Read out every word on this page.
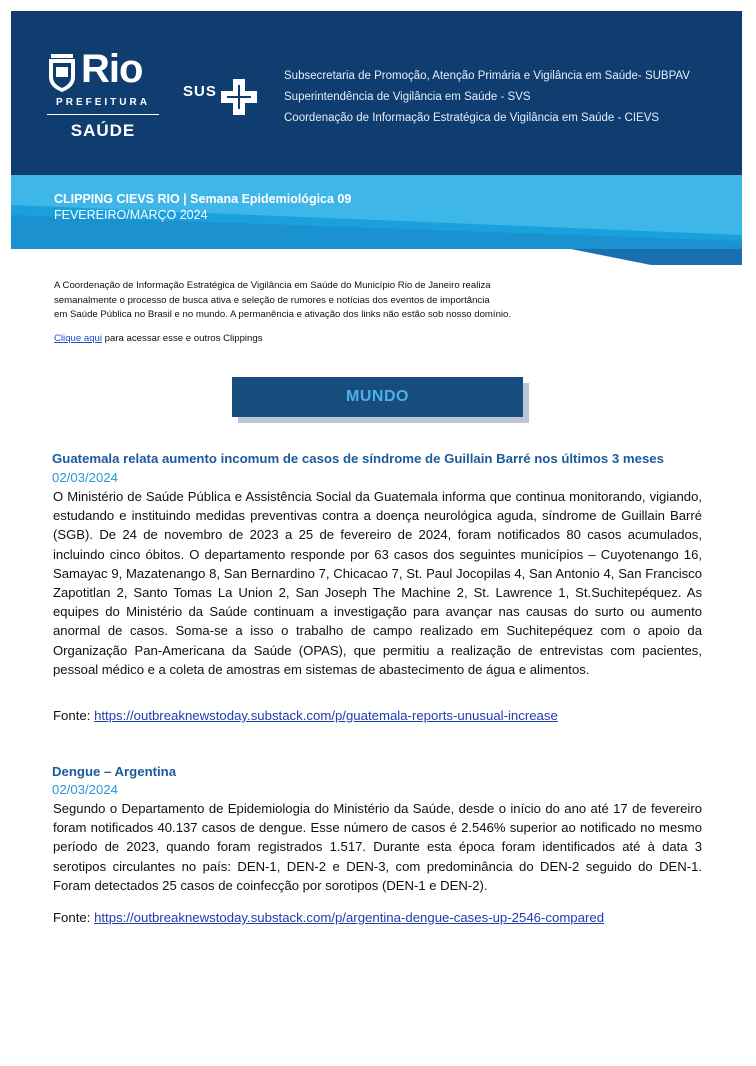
Rio
PREFEITURA
SAÚDE
SUS
Subsecretaria de Promoção, Atenção Primária e Vigilância em Saúde- SUBPAV
Superintendência de Vigilância em Saúde - SVS
Coordenação de Informação Estratégica de Vigilância em Saúde - CIEVS
CLIPPING CIEVS RIO | Semana Epidemiológica 09
FEVEREIRO/MARÇO 2024
A Coordenação de Informação Estratégica de Vigilância em Saúde do Município Rio de Janeiro realiza
semanalmente o processo de busca ativa e seleção de rumores e notícias dos eventos de importância
em Saúde Pública no Brasil e no mundo. A permanência e ativação dos links não estão sob nosso domínio.
Clique aqui para acessar esse e outros Clippings
MUNDO
Guatemala relata aumento incomum de casos de síndrome de Guillain Barré nos últimos 3 meses
02/03/2024
O Ministério de Saúde Pública e Assistência Social da Guatemala informa que continua monitorando, vigiando, estudando e instituindo medidas preventivas contra a doença neurológica aguda, síndrome de Guillain Barré (SGB). De 24 de novembro de 2023 a 25 de fevereiro de 2024, foram notificados 80 casos acumulados, incluindo cinco óbitos. O departamento responde por 63 casos dos seguintes municípios – Cuyotenango 16, Samayac 9, Mazatenango 8, San Bernardino 7, Chicacao 7, St. Paul Jocopilas 4, San Antonio 4, San Francisco Zapotitlan 2, Santo Tomas La Union 2, San Joseph The Machine 2, St. Lawrence 1, St.Suchitepéquez. As equipes do Ministério da Saúde continuam a investigação para avançar nas causas do surto ou aumento anormal de casos. Soma-se a isso o trabalho de campo realizado em Suchitepéquez com o apoio da Organização Pan-Americana da Saúde (OPAS), que permitiu a realização de entrevistas com pacientes, pessoal médico e a coleta de amostras em sistemas de abastecimento de água e alimentos.
Fonte: https://outbreaknewstoday.substack.com/p/guatemala-reports-unusual-increase
Dengue – Argentina
02/03/2024
Segundo o Departamento de Epidemiologia do Ministério da Saúde, desde o início do ano até 17 de fevereiro foram notificados 40.137 casos de dengue. Esse número de casos é 2.546% superior ao notificado no mesmo período de 2023, quando foram registrados 1.517. Durante esta época foram identificados até à data 3 serotipos circulantes no país: DEN-1, DEN-2 e DEN-3, com predominância do DEN-2 seguido do DEN-1. Foram detectados 25 casos de coinfecção por sorotipos (DEN-1 e DEN-2).
Fonte: https://outbreaknewstoday.substack.com/p/argentina-dengue-cases-up-2546-compared
